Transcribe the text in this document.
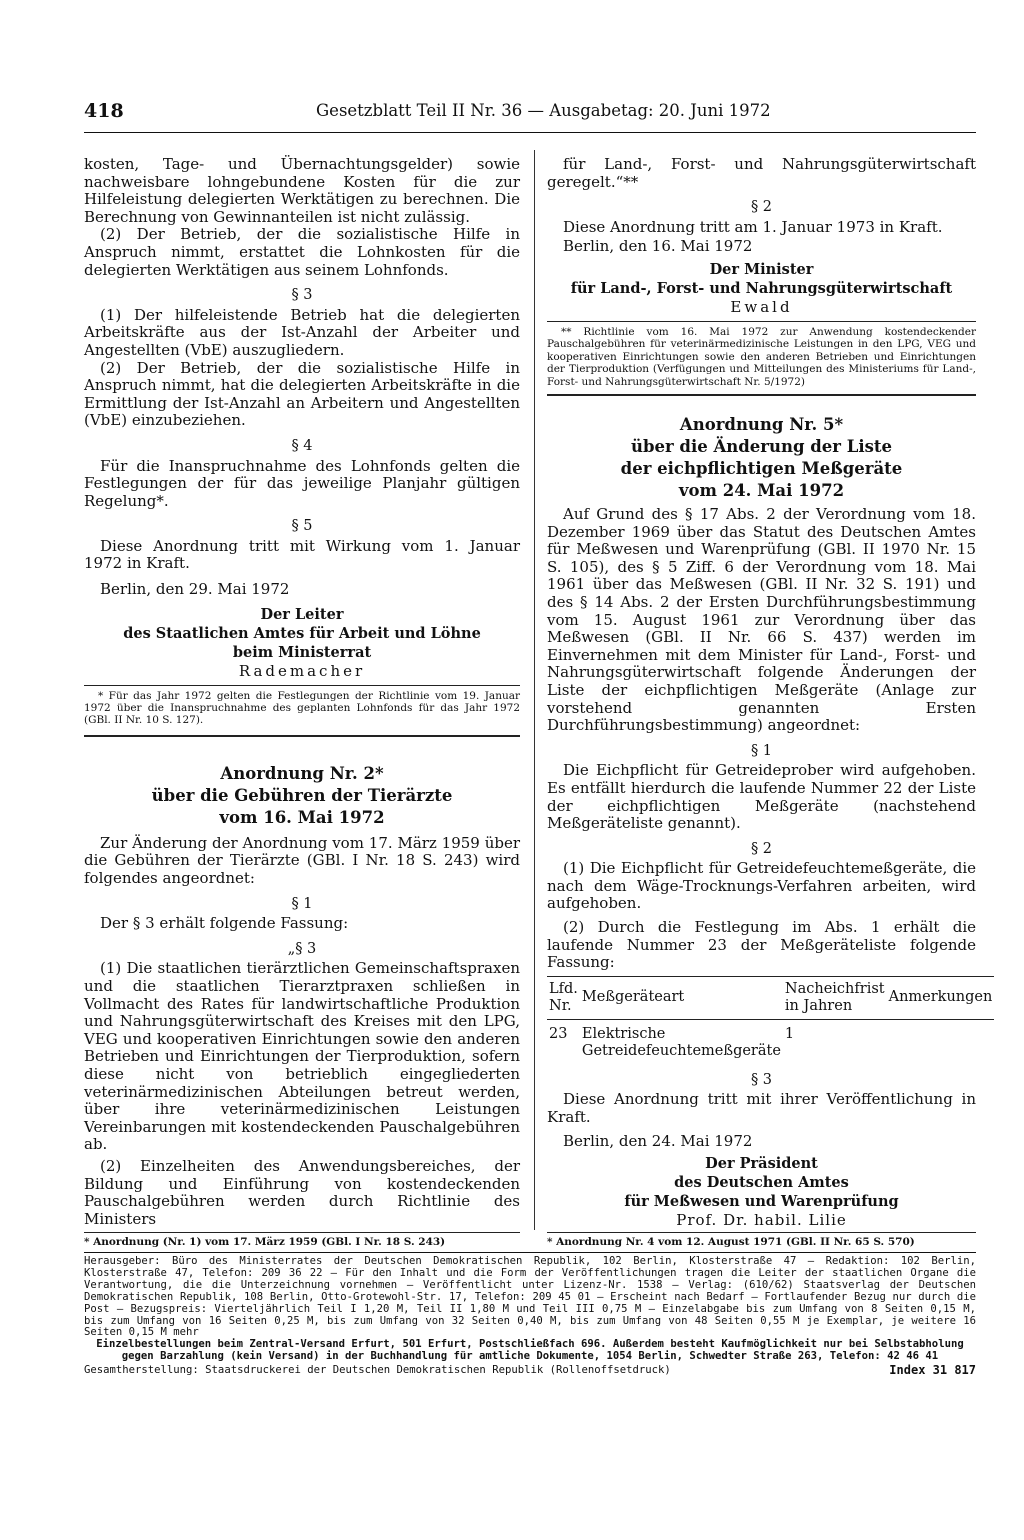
418	Gesetzblatt Teil II Nr. 36 — Ausgabetag: 20. Juni 1972

kosten, Tage- und Übernachtungsgelder) sowie nachweisbare lohngebundene Kosten für die zur Hilfeleistung delegierten Werktätigen zu berechnen. Die Berechnung von Gewinnanteilen ist nicht zulässig.

(2) Der Betrieb, der die sozialistische Hilfe in Anspruch nimmt, erstattet die Lohnkosten für die delegierten Werktätigen aus seinem Lohnfonds.

§ 3

(1) Der hilfeleistende Betrieb hat die delegierten Arbeitskräfte aus der Ist-Anzahl der Arbeiter und Angestellten (VbE) auszugliedern.

(2) Der Betrieb, der die sozialistische Hilfe in Anspruch nimmt, hat die delegierten Arbeitskräfte in die Ermittlung der Ist-Anzahl an Arbeitern und Angestellten (VbE) einzubeziehen.

§ 4

Für die Inanspruchnahme des Lohnfonds gelten die Festlegungen der für das jeweilige Planjahr gültigen Regelung*.

§ 5

Diese Anordnung tritt mit Wirkung vom 1. Januar 1972 in Kraft.

Berlin, den 29. Mai 1972

Der Leiter

des Staatlichen Amtes für Arbeit und Löhne

beim Ministerrat

Rademacher

* Für das Jahr 1972 gelten die Festlegungen der Richtlinie vom 19. Januar 1972 über die Inanspruchnahme des geplanten Lohnfonds für das Jahr 1972 (GBl. II Nr. 10 S. 127).

Anordnung Nr. 2*

über die Gebühren der Tierärzte

vom 16. Mai 1972

Zur Änderung der Anordnung vom 17. März 1959 über die Gebühren der Tierärzte (GBl. I Nr. 18 S. 243) wird folgendes angeordnet:

§ 1

Der § 3 erhält folgende Fassung:

„§ 3

(1) Die staatlichen tierärztlichen Gemeinschaftspraxen und die staatlichen Tierarztpraxen schließen in Vollmacht des Rates für landwirtschaftliche Produktion und Nahrungsgüterwirtschaft des Kreises mit den LPG, VEG und kooperativen Einrichtungen sowie den anderen Betrieben und Einrichtungen der Tierproduktion, sofern diese nicht von betrieblich eingegliederten veterinärmedizinischen Abteilungen betreut werden, über ihre veterinärmedizinischen Leistungen Vereinbarungen mit kostendeckenden Pauschalgebühren ab.

(2) Einzelheiten des Anwendungsbereiches, der Bildung und Einführung von kostendeckenden Pauschalgebühren werden durch Richtlinie des Ministers

für Land-, Forst- und Nahrungsgüterwirtschaft geregelt.“**

§ 2

Diese Anordnung tritt am 1. Januar 1973 in Kraft.

Berlin, den 16. Mai 1972

Der Minister

für Land-, Forst- und Nahrungsgüterwirtschaft

Ewald

** Richtlinie vom 16. Mai 1972 zur Anwendung kostendeckender Pauschalgebühren für veterinärmedizinische Leistungen in den LPG, VEG und kooperativen Einrichtungen sowie den anderen Betrieben und Einrichtungen der Tierproduktion (Verfügungen und Mitteilungen des Ministeriums für Land-, Forst- und Nahrungsgüterwirtschaft Nr. 5/1972)

Anordnung Nr. 5*

über die Änderung der Liste

der eichpflichtigen Meßgeräte

vom 24. Mai 1972

Auf Grund des § 17 Abs. 2 der Verordnung vom 18. Dezember 1969 über das Statut des Deutschen Amtes für Meßwesen und Warenprüfung (GBl. II 1970 Nr. 15 S. 105), des § 5 Ziff. 6 der Verordnung vom 18. Mai 1961 über das Meßwesen (GBl. II Nr. 32 S. 191) und des § 14 Abs. 2 der Ersten Durchführungsbestimmung vom 15. August 1961 zur Verordnung über das Meßwesen (GBl. II Nr. 66 S. 437) werden im Einvernehmen mit dem Minister für Land-, Forst- und Nahrungsgüterwirtschaft folgende Änderungen der Liste der eichpflichtigen Meßgeräte (Anlage zur vorstehend genannten Ersten Durchführungsbestimmung) angeordnet:

§ 1

Die Eichpflicht für Getreideprober wird aufgehoben. Es entfällt hierdurch die laufende Nummer 22 der Liste der eichpflichtigen Meßgeräte (nachstehend Meßgeräteliste genannt).

§ 2

(1) Die Eichpflicht für Getreidefeuchtemeßgeräte, die nach dem Wäge-Trocknungs-Verfahren arbeiten, wird aufgehoben.

(2) Durch die Festlegung im Abs. 1 erhält die laufende Nummer 23 der Meßgeräteliste folgende Fassung:

Lfd. Nr.	Meßgeräteart	Nacheichfrist in Jahren	Anmerkungen
23	Elektrische Getreidefeuchtemeßgeräte	1	

§ 3

Diese Anordnung tritt mit ihrer Veröffentlichung in Kraft.

Berlin, den 24. Mai 1972

Der Präsident

des Deutschen Amtes

für Meßwesen und Warenprüfung

Prof. Dr. habil. Lilie

* Anordnung (Nr. 1) vom 17. März 1959 (GBl. I Nr. 18 S. 243)	* Anordnung Nr. 4 vom 12. August 1971 (GBl. II Nr. 65 S. 570)

Herausgeber: Büro des Ministerrates der Deutschen Demokratischen Republik, 102 Berlin, Klosterstraße 47 — Redaktion: 102 Berlin, Klosterstraße 47, Telefon: 209 36 22 — Für den Inhalt und die Form der Veröffentlichungen tragen die Leiter der staatlichen Organe die Verantwortung, die die Unterzeichnung vornehmen — Veröffentlicht unter Lizenz-Nr. 1538 — Verlag: (610/62) Staatsverlag der Deutschen Demokratischen Republik, 108 Berlin, Otto-Grotewohl-Str. 17, Telefon: 209 45 01 — Erscheint nach Bedarf — Fortlaufender Bezug nur durch die Post — Bezugspreis: Vierteljährlich Teil I 1,20 M, Teil II 1,80 M und Teil III 0,75 M — Einzelabgabe bis zum Umfang von 8 Seiten 0,15 M, bis zum Umfang von 16 Seiten 0,25 M, bis zum Umfang von 32 Seiten 0,40 M, bis zum Umfang von 48 Seiten 0,55 M je Exemplar, je weitere 16 Seiten 0,15 M mehr

Einzelbestellungen beim Zentral-Versand Erfurt, 501 Erfurt, Postschließfach 696. Außerdem besteht Kaufmöglichkeit nur bei Selbstabholung gegen Barzahlung (kein Versand) in der Buchhandlung für amtliche Dokumente, 1054 Berlin, Schwedter Straße 263, Telefon: 42 46 41

Gesamtherstellung: Staatsdruckerei der Deutschen Demokratischen Republik (Rollenoffsetdruck)	Index 31 817
